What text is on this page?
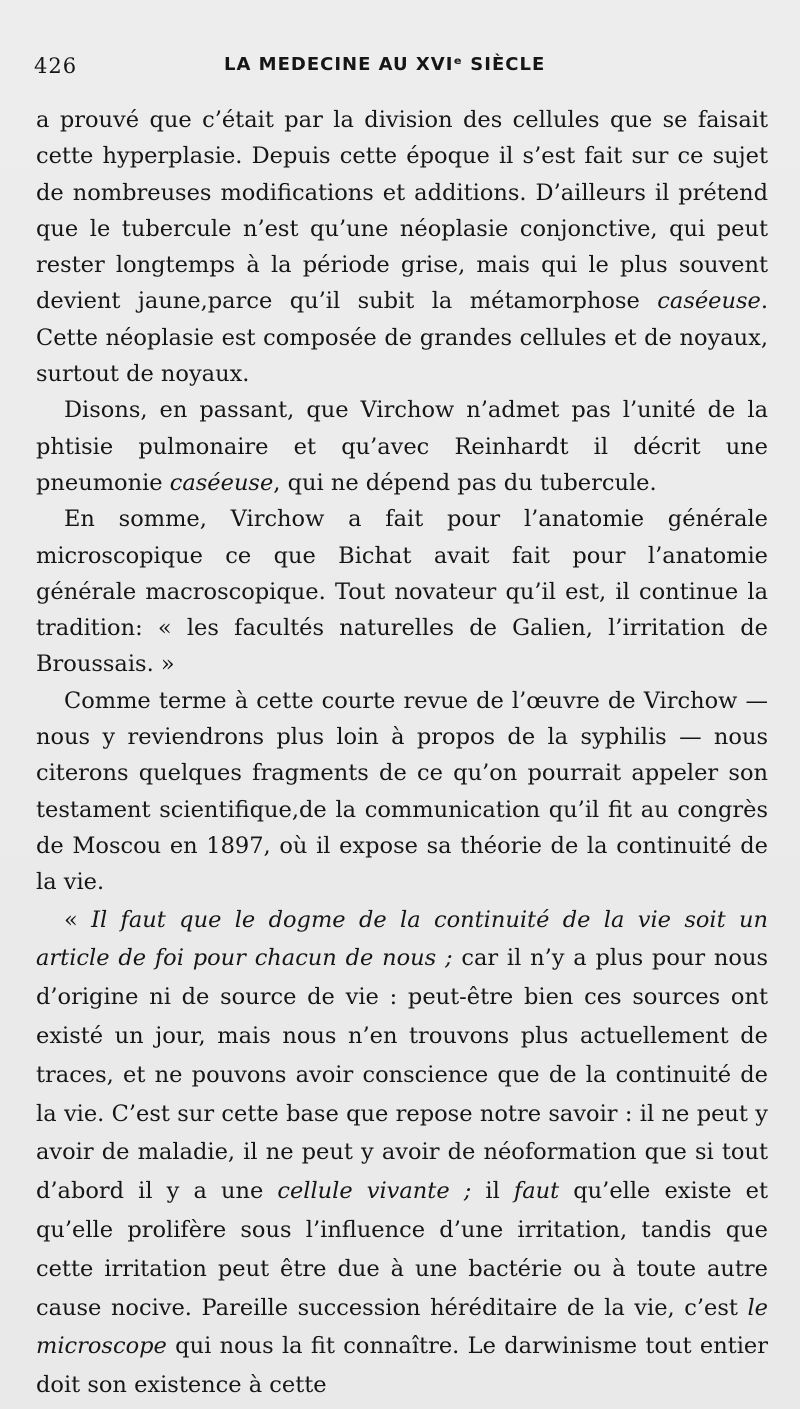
426	LA MEDECINE AU XVIᵉ SIÈCLE

a prouvé que c’était par la division des cellules que se faisait cette hyperplasie. Depuis cette époque il s’est fait sur ce sujet de nombreuses modifications et additions. D’ailleurs il prétend que le tubercule n’est qu’une néoplasie conjonctive, qui peut rester longtemps à la période grise, mais qui le plus souvent devient jaune,parce qu’il subit la métamorphose caséeuse. Cette néoplasie est composée de grandes cellules et de noyaux, surtout de noyaux.

Disons, en passant, que Virchow n’admet pas l’unité de la phtisie pulmonaire et qu’avec Reinhardt il décrit une pneumonie caséeuse, qui ne dépend pas du tubercule.

En somme, Virchow a fait pour l’anatomie générale microscopique ce que Bichat avait fait pour l’anatomie générale macroscopique. Tout novateur qu’il est, il continue la tradition: « les facultés naturelles de Galien, l’irritation de Broussais. »

Comme terme à cette courte revue de l’œuvre de Virchow — nous y reviendrons plus loin à propos de la syphilis — nous citerons quelques fragments de ce qu’on pourrait appeler son testament scientifique,de la communication qu’il fit au congrès de Moscou en 1897, où il expose sa théorie de la continuité de la vie.

« Il faut que le dogme de la continuité de la vie soit un article de foi pour chacun de nous ; car il n’y a plus pour nous d’origine ni de source de vie : peut-être bien ces sources ont existé un jour, mais nous n’en trouvons plus actuellement de traces, et ne pouvons avoir conscience que de la continuité de la vie. C’est sur cette base que repose notre savoir : il ne peut y avoir de maladie, il ne peut y avoir de néoformation que si tout d’abord il y a une cellule vivante ; il faut qu’elle existe et qu’elle prolifère sous l’influence d’une irritation, tandis que cette irritation peut être due à une bactérie ou à toute autre cause nocive. Pareille succession héréditaire de la vie, c’est le microscope qui nous la fit connaître. Le darwinisme tout entier doit son existence à cette
